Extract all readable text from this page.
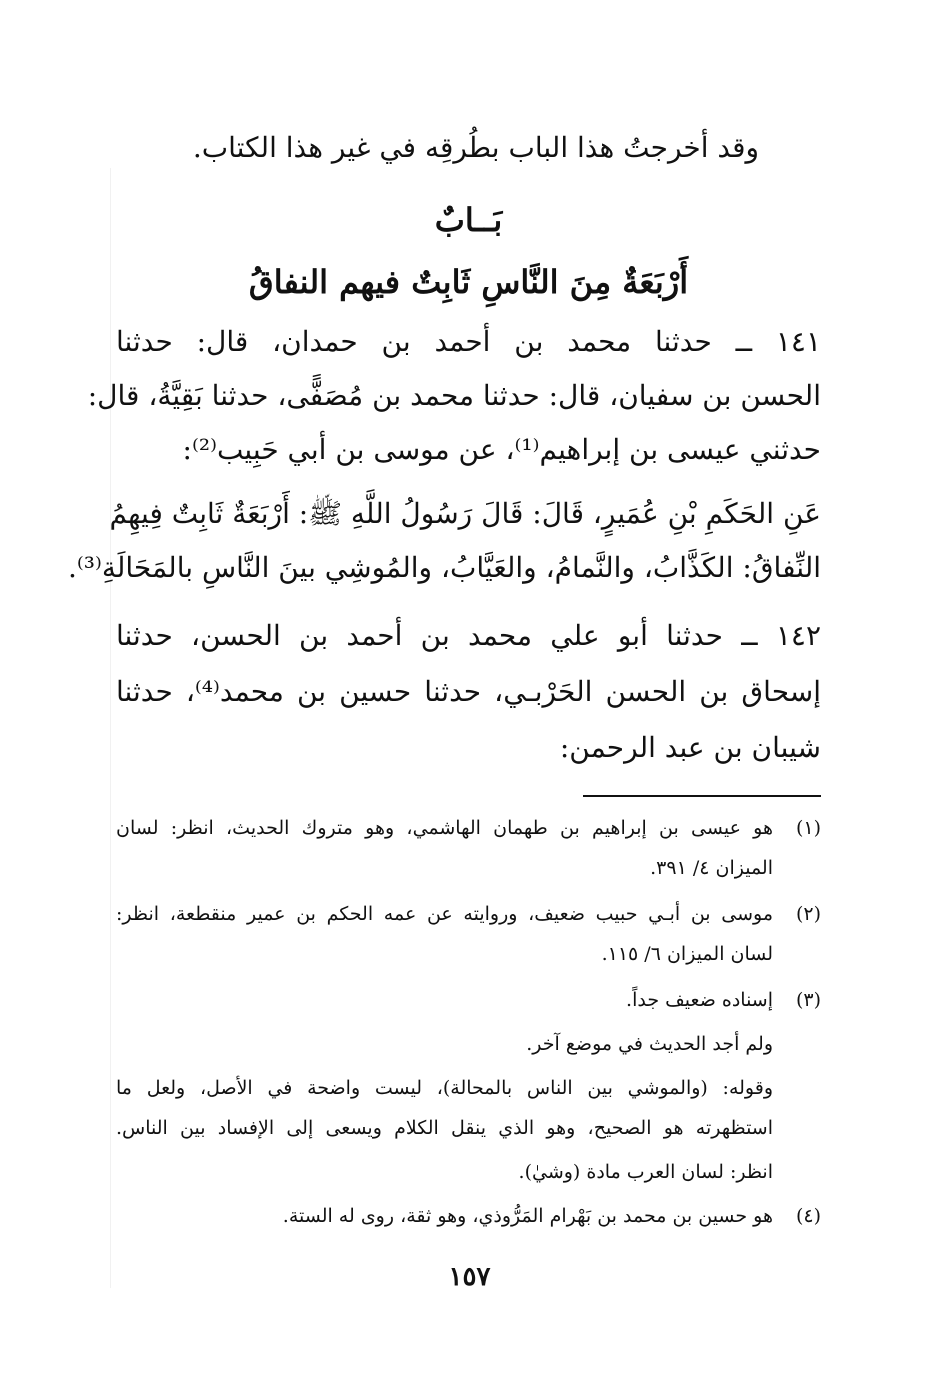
وقد أخرجتُ هذا الباب بطُرقِه في غير هذا الكتاب.
بَــابٌ
أَرْبَعَةٌ مِنَ النَّاسِ ثَابِتٌ فيهم النفاقُ
١٤١ ــ حدثنا محمد بن أحمد بن حمدان، قال: حدثنا
الحسن بن سفيان، قال: حدثنا محمد بن مُصَفًّى، حدثنا بَقِيَّةُ، قال:
حدثني عيسى بن إبراهيم⁽¹⁾، عن موسى بن أبي حَبِيب⁽²⁾:
عَنِ الحَكَمِ بْنِ عُمَيرٍ، قَالَ: قَالَ رَسُولُ اللَّهِ ﷺ: أَرْبَعَةٌ ثَابِتٌ فِيهِمُ
النِّفاقُ: الكَذَّابُ، والنَّمامُ، والعَيَّابُ، والمُوشِي بينَ النَّاسِ بالمَحَالَةِ⁽³⁾.
١٤٢ ــ حدثنا أبو علي محمد بن أحمد بن الحسن، حدثنا
إسحاق بن الحسن الحَرْبـي، حدثنا حسين بن محمد⁽⁴⁾، حدثنا
شيبان بن عبد الرحمن:
(١)
هو عيسى بن إبراهيم بن طهمان الهاشمي، وهو متروك الحديث، انظر: لسان
الميزان ٤/ ٣٩١.
(٢)
موسى بن أبـي حبيب ضعيف، وروايته عن عمه الحكم بن عمير منقطعة، انظر:
لسان الميزان ٦/ ١١٥.
(٣)
إسناده ضعيف جداً.
ولم أجد الحديث في موضع آخر.
وقوله: (والموشي بين الناس بالمحالة)، ليست واضحة في الأصل، ولعل ما
استظهرته هو الصحيح، وهو الذي ينقل الكلام ويسعى إلى الإفساد بين الناس.
انظر: لسان العرب مادة (وشيٰ).
(٤)
هو حسين بن محمد بن بَهْرام المَرُّوذي، وهو ثقة، روى له الستة.
١٥٧
